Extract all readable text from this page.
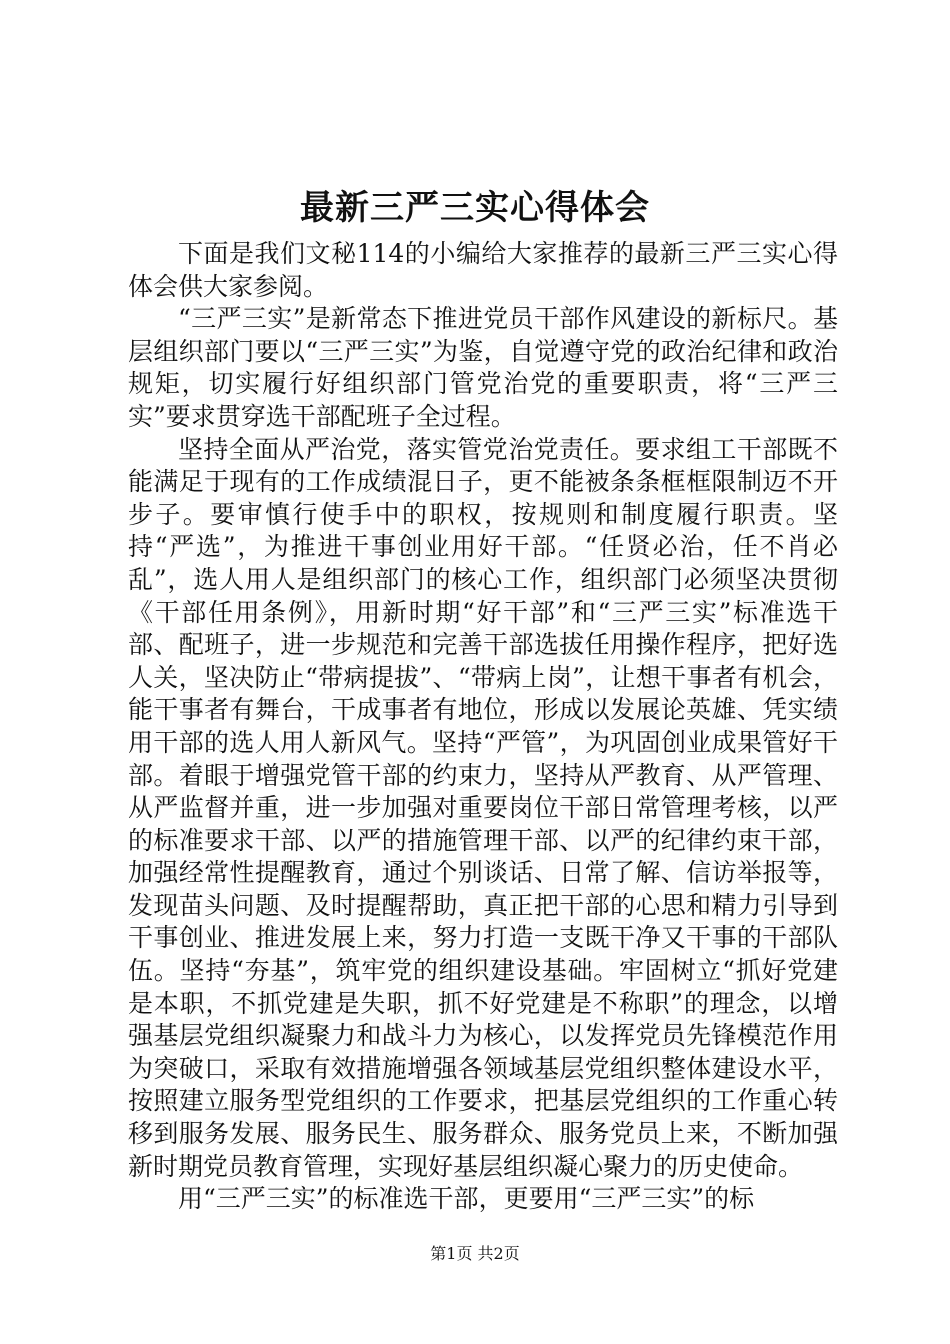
最新三严三实心得体会

下面是我们文秘114的小编给大家推荐的最新三严三实心得体会供大家参阅。

“三严三实”是新常态下推进党员干部作风建设的新标尺。基层组织部门要以“三严三实”为鉴，自觉遵守党的政治纪律和政治规矩，切实履行好组织部门管党治党的重要职责，将“三严三实”要求贯穿选干部配班子全过程。

坚持全面从严治党，落实管党治党责任。要求组工干部既不能满足于现有的工作成绩混日子，更不能被条条框框限制迈不开步子。要审慎行使手中的职权，按规则和制度履行职责。坚持“严选”，为推进干事创业用好干部。“任贤必治，任不肖必乱”，选人用人是组织部门的核心工作，组织部门必须坚决贯彻《干部任用条例》，用新时期“好干部”和“三严三实”标准选干部、配班子，进一步规范和完善干部选拔任用操作程序，把好选人关，坚决防止“带病提拔”、“带病上岗”，让想干事者有机会，能干事者有舞台，干成事者有地位，形成以发展论英雄、凭实绩用干部的选人用人新风气。坚持“严管”，为巩固创业成果管好干部。着眼于增强党管干部的约束力，坚持从严教育、从严管理、从严监督并重，进一步加强对重要岗位干部日常管理考核，以严的标准要求干部、以严的措施管理干部、以严的纪律约束干部，加强经常性提醒教育，通过个别谈话、日常了解、信访举报等，发现苗头问题、及时提醒帮助，真正把干部的心思和精力引导到干事创业、推进发展上来，努力打造一支既干净又干事的干部队伍。坚持“夯基”，筑牢党的组织建设基础。牢固树立“抓好党建是本职，不抓党建是失职，抓不好党建是不称职”的理念，以增强基层党组织凝聚力和战斗力为核心，以发挥党员先锋模范作用为突破口，采取有效措施增强各领域基层党组织整体建设水平，按照建立服务型党组织的工作要求，把基层党组织的工作重心转移到服务发展、服务民生、服务群众、服务党员上来，不断加强新时期党员教育管理，实现好基层组织凝心聚力的历史使命。

用“三严三实”的标准选干部，更要用“三严三实”的标

第1页 共2页
